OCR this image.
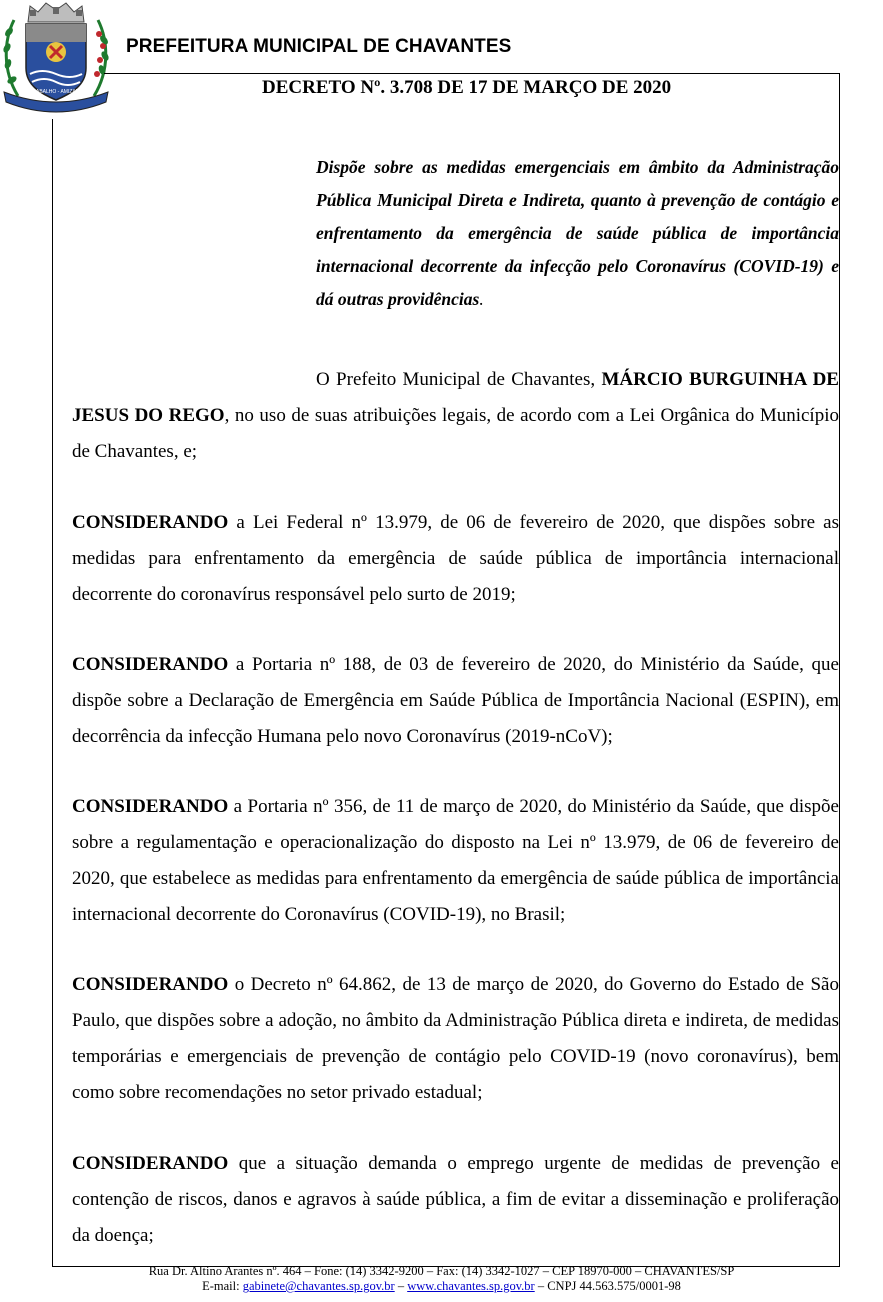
TRABALHO - AMIZADE
PREFEITURA MUNICIPAL DE CHAVANTES
DECRETO Nº. 3.708 DE 17 DE MARÇO DE 2020
Dispõe sobre as medidas emergenciais em âmbito da Administração Pública Municipal Direta e Indireta, quanto à prevenção de contágio e enfrentamento da emergência de saúde pública de importância internacional decorrente da infecção pelo Coronavírus (COVID-19) e dá outras providências.
O Prefeito Municipal de Chavantes, MÁRCIO BURGUINHA DE JESUS DO REGO, no uso de suas atribuições legais, de acordo com a Lei Orgânica do Município de Chavantes, e;
CONSIDERANDO a Lei Federal nº 13.979, de 06 de fevereiro de 2020, que dispões sobre as medidas para enfrentamento da emergência de saúde pública de importância internacional decorrente do coronavírus responsável pelo surto de 2019;
CONSIDERANDO a Portaria nº 188, de 03 de fevereiro de 2020, do Ministério da Saúde, que dispõe sobre a Declaração de Emergência em Saúde Pública de Importância Nacional (ESPIN), em decorrência da infecção Humana pelo novo Coronavírus (2019-nCoV);
CONSIDERANDO a Portaria nº 356, de 11 de março de 2020, do Ministério da Saúde, que dispõe sobre a regulamentação e operacionalização do disposto na Lei nº 13.979, de 06 de fevereiro de 2020, que estabelece as medidas para enfrentamento da emergência de saúde pública de importância internacional decorrente do Coronavírus (COVID-19), no Brasil;
CONSIDERANDO o Decreto nº 64.862, de 13 de março de 2020, do Governo do Estado de São Paulo, que dispões sobre a adoção, no âmbito da Administração Pública direta e indireta, de medidas temporárias e emergenciais de prevenção de contágio pelo COVID-19 (novo coronavírus), bem como sobre recomendações no setor privado estadual;
CONSIDERANDO que a situação demanda o emprego urgente de medidas de prevenção e contenção de riscos, danos e agravos à saúde pública, a fim de evitar a disseminação e proliferação da doença;
Rua Dr. Altino Arantes nº. 464 – Fone: (14) 3342-9200 – Fax: (14) 3342-1027 – CEP 18970-000 – CHAVANTES/SP
E-mail: gabinete@chavantes.sp.gov.br – www.chavantes.sp.gov.br – CNPJ 44.563.575/0001-98
